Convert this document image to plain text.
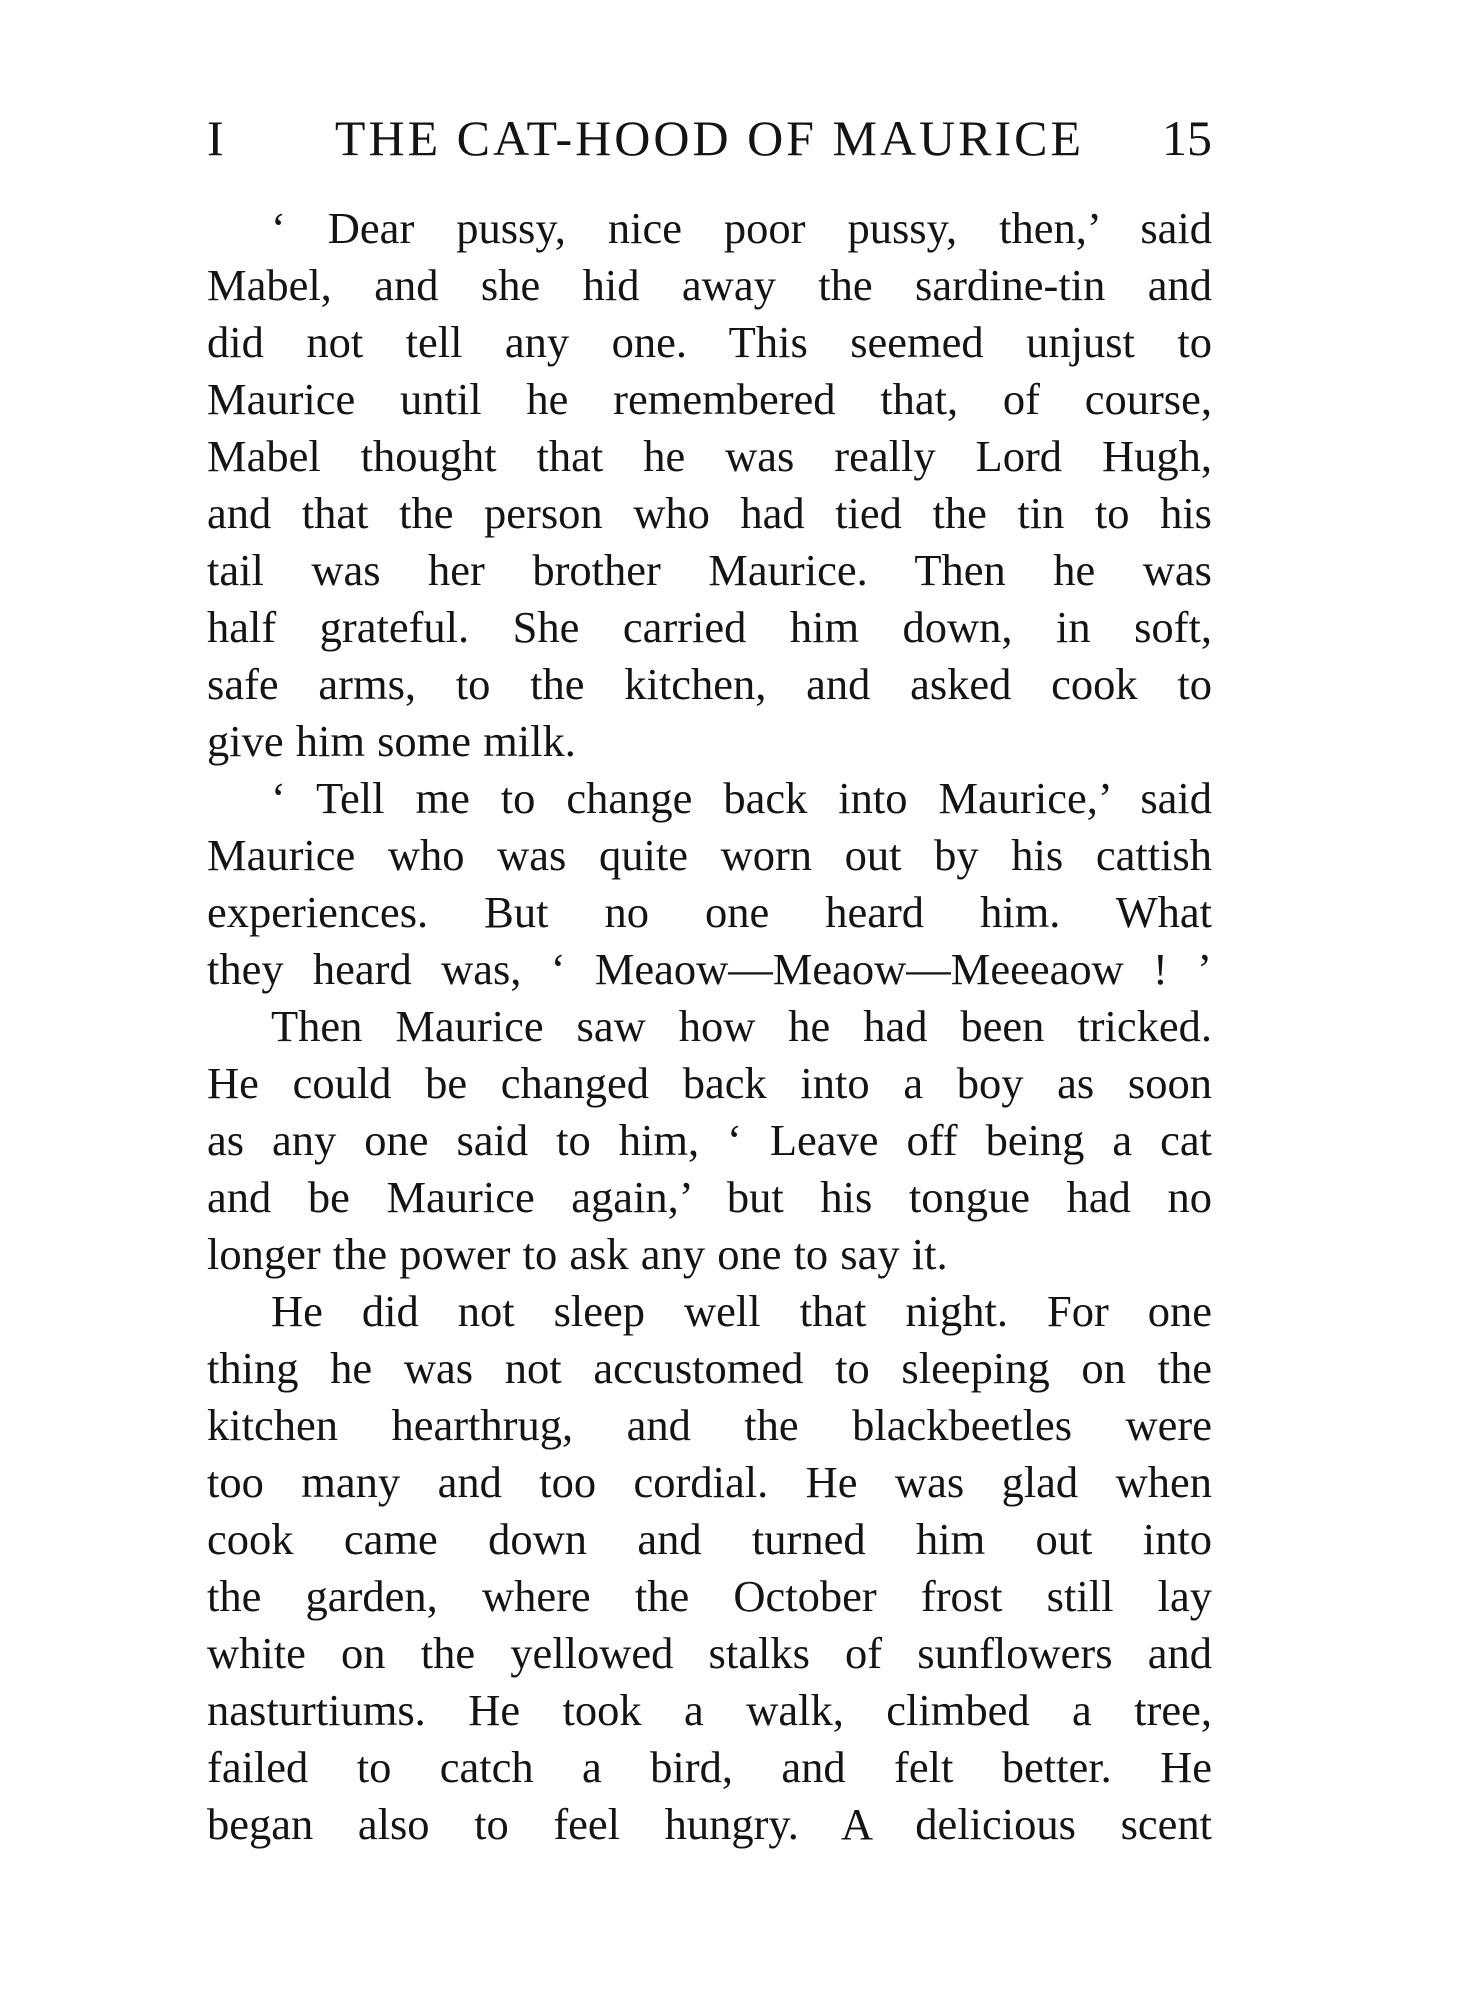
I	THE CAT-HOOD OF MAURICE	15
‘ Dear pussy, nice poor pussy, then,’ said
Mabel, and she hid away the sardine-tin and
did not tell any one. This seemed unjust to
Maurice until he remembered that, of course,
Mabel thought that he was really Lord Hugh,
and that the person who had tied the tin to his
tail was her brother Maurice. Then he was
half grateful. She carried him down, in soft,
safe arms, to the kitchen, and asked cook to
give him some milk.
‘ Tell me to change back into Maurice,’ said
Maurice who was quite worn out by his cattish
experiences. But no one heard him. What
they heard was, ‘ Meaow—Meaow—Meeeaow ! ’
Then Maurice saw how he had been tricked.
He could be changed back into a boy as soon
as any one said to him, ‘ Leave off being a cat
and be Maurice again,’ but his tongue had no
longer the power to ask any one to say it.
He did not sleep well that night. For one
thing he was not accustomed to sleeping on the
kitchen hearthrug, and the blackbeetles were
too many and too cordial. He was glad when
cook came down and turned him out into
the garden, where the October frost still lay
white on the yellowed stalks of sunflowers and
nasturtiums. He took a walk, climbed a tree,
failed to catch a bird, and felt better. He
began also to feel hungry. A delicious scent
